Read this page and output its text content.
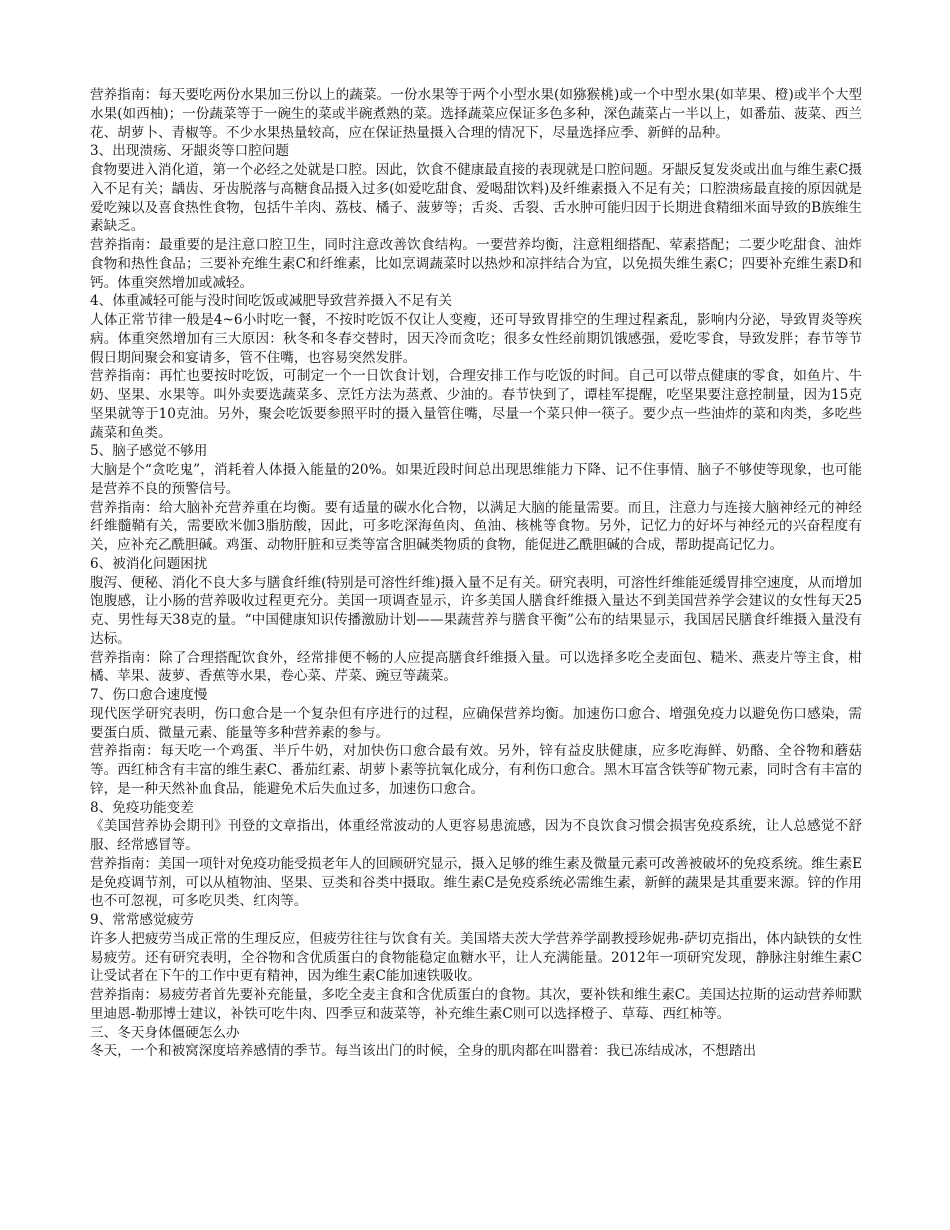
营养指南：每天要吃两份水果加三份以上的蔬菜。一份水果等于两个小型水果(如猕猴桃)或一个中型水果(如苹果、橙)或半个大型水果(如西柚)；一份蔬菜等于一碗生的菜或半碗煮熟的菜。选择蔬菜应保证多色多种，深色蔬菜占一半以上，如番茄、菠菜、西兰花、胡萝卜、青椒等。不少水果热量较高，应在保证热量摄入合理的情况下，尽量选择应季、新鲜的品种。

3、出现溃疡、牙龈炎等口腔问题

食物要进入消化道，第一个必经之处就是口腔。因此，饮食不健康最直接的表现就是口腔问题。牙龈反复发炎或出血与维生素C摄入不足有关；龋齿、牙齿脱落与高糖食品摄入过多(如爱吃甜食、爱喝甜饮料)及纤维素摄入不足有关；口腔溃疡最直接的原因就是爱吃辣以及喜食热性食物，包括牛羊肉、荔枝、橘子、菠萝等；舌炎、舌裂、舌水肿可能归因于长期进食精细米面导致的B族维生素缺乏。

营养指南：最重要的是注意口腔卫生，同时注意改善饮食结构。一要营养均衡，注意粗细搭配、荤素搭配；二要少吃甜食、油炸食物和热性食品；三要补充维生素C和纤维素，比如烹调蔬菜时以热炒和凉拌结合为宜，以免损失维生素C；四要补充维生素D和钙。体重突然增加或减轻。

4、体重减轻可能与没时间吃饭或减肥导致营养摄入不足有关

人体正常节律一般是4~6小时吃一餐，不按时吃饭不仅让人变瘦，还可导致胃排空的生理过程紊乱，影响内分泌，导致胃炎等疾病。体重突然增加有三大原因：秋冬和冬春交替时，因天冷而贪吃；很多女性经前期饥饿感强，爱吃零食，导致发胖；春节等节假日期间聚会和宴请多，管不住嘴，也容易突然发胖。

营养指南：再忙也要按时吃饭，可制定一个一日饮食计划，合理安排工作与吃饭的时间。自己可以带点健康的零食，如鱼片、牛奶、坚果、水果等。叫外卖要选蔬菜多、烹饪方法为蒸煮、少油的。春节快到了，谭桂军提醒，吃坚果要注意控制量，因为15克坚果就等于10克油。另外，聚会吃饭要参照平时的摄入量管住嘴，尽量一个菜只伸一筷子。要少点一些油炸的菜和肉类，多吃些蔬菜和鱼类。

5、脑子感觉不够用

大脑是个“贪吃鬼”，消耗着人体摄入能量的20%。如果近段时间总出现思维能力下降、记不住事情、脑子不够使等现象，也可能是营养不良的预警信号。

营养指南：给大脑补充营养重在均衡。要有适量的碳水化合物，以满足大脑的能量需要。而且，注意力与连接大脑神经元的神经纤维髓鞘有关，需要欧米伽3脂肪酸，因此，可多吃深海鱼肉、鱼油、核桃等食物。另外，记忆力的好坏与神经元的兴奋程度有关，应补充乙酰胆碱。鸡蛋、动物肝脏和豆类等富含胆碱类物质的食物，能促进乙酰胆碱的合成，帮助提高记忆力。

6、被消化问题困扰

腹泻、便秘、消化不良大多与膳食纤维(特别是可溶性纤维)摄入量不足有关。研究表明，可溶性纤维能延缓胃排空速度，从而增加饱腹感，让小肠的营养吸收过程更充分。美国一项调查显示，许多美国人膳食纤维摄入量达不到美国营养学会建议的女性每天25克、男性每天38克的量。“中国健康知识传播激励计划——果蔬营养与膳食平衡”公布的结果显示，我国居民膳食纤维摄入量没有达标。

营养指南：除了合理搭配饮食外，经常排便不畅的人应提高膳食纤维摄入量。可以选择多吃全麦面包、糙米、燕麦片等主食，柑橘、苹果、菠萝、香蕉等水果，卷心菜、芹菜、豌豆等蔬菜。

7、伤口愈合速度慢

现代医学研究表明，伤口愈合是一个复杂但有序进行的过程，应确保营养均衡。加速伤口愈合、增强免疫力以避免伤口感染，需要蛋白质、微量元素、能量等多种营养素的参与。

营养指南：每天吃一个鸡蛋、半斤牛奶，对加快伤口愈合最有效。另外，锌有益皮肤健康，应多吃海鲜、奶酪、全谷物和蘑菇等。西红柿含有丰富的维生素C、番茄红素、胡萝卜素等抗氧化成分，有利伤口愈合。黑木耳富含铁等矿物元素，同时含有丰富的锌，是一种天然补血食品，能避免术后失血过多，加速伤口愈合。

8、免疫功能变差

《美国营养协会期刊》刊登的文章指出，体重经常波动的人更容易患流感，因为不良饮食习惯会损害免疫系统，让人总感觉不舒服、经常感冒等。

营养指南：美国一项针对免疫功能受损老年人的回顾研究显示，摄入足够的维生素及微量元素可改善被破坏的免疫系统。维生素E是免疫调节剂，可以从植物油、坚果、豆类和谷类中摄取。维生素C是免疫系统必需维生素，新鲜的蔬果是其重要来源。锌的作用也不可忽视，可多吃贝类、红肉等。

9、常常感觉疲劳

许多人把疲劳当成正常的生理反应，但疲劳往往与饮食有关。美国塔夫茨大学营养学副教授珍妮弗-萨切克指出，体内缺铁的女性易疲劳。还有研究表明，全谷物和含优质蛋白的食物能稳定血糖水平，让人充满能量。2012年一项研究发现，静脉注射维生素C让受试者在下午的工作中更有精神，因为维生素C能加速铁吸收。

营养指南：易疲劳者首先要补充能量，多吃全麦主食和含优质蛋白的食物。其次，要补铁和维生素C。美国达拉斯的运动营养师默里迪恩-勒那博士建议，补铁可吃牛肉、四季豆和菠菜等，补充维生素C则可以选择橙子、草莓、西红柿等。

三、冬天身体僵硬怎么办

冬天，一个和被窝深度培养感情的季节。每当该出门的时候，全身的肌肉都在叫嚣着：我已冻结成冰，不想踏出
